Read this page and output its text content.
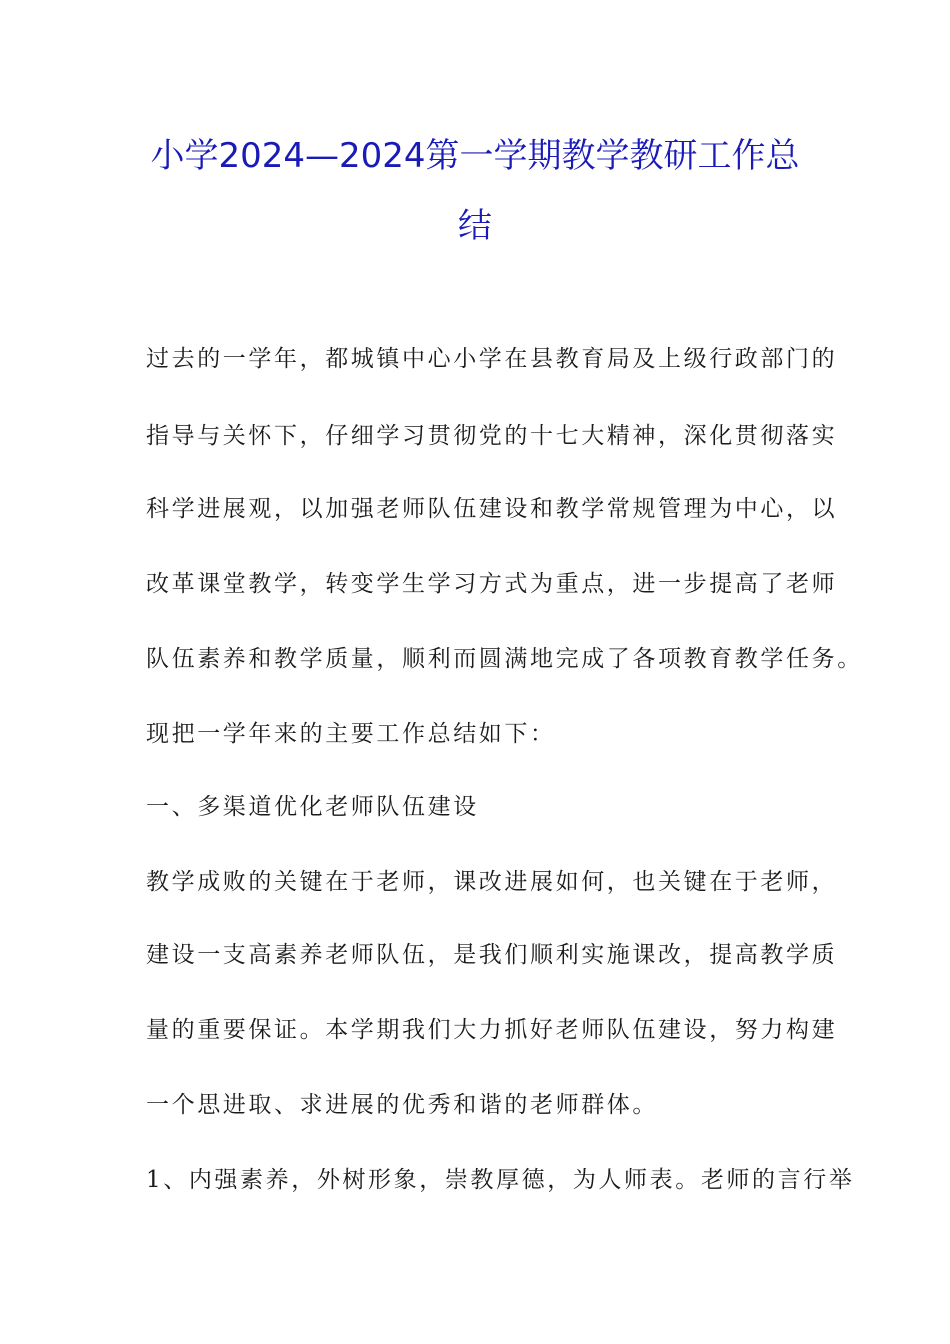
小学2024—2024第一学期教学教研工作总
结
过去的一学年，都城镇中心小学在县教育局及上级行政部门的
指导与关怀下，仔细学习贯彻党的十七大精神，深化贯彻落实
科学进展观，以加强老师队伍建设和教学常规管理为中心，以
改革课堂教学，转变学生学习方式为重点，进一步提高了老师
队伍素养和教学质量，顺利而圆满地完成了各项教育教学任务。
现把一学年来的主要工作总结如下：
一、多渠道优化老师队伍建设
教学成败的关键在于老师，课改进展如何，也关键在于老师，
建设一支高素养老师队伍，是我们顺利实施课改，提高教学质
量的重要保证。本学期我们大力抓好老师队伍建设，努力构建
一个思进取、求进展的优秀和谐的老师群体。
1、内强素养，外树形象，崇教厚德，为人师表。老师的言行举
